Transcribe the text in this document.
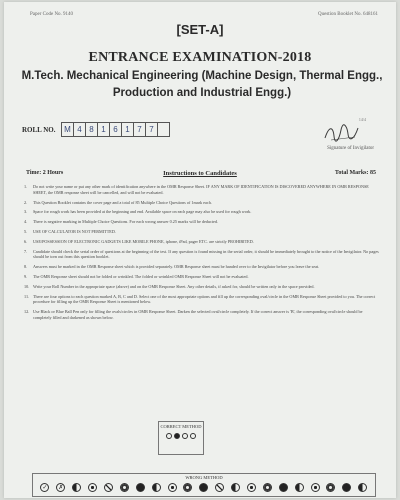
Paper Code No. 9140	Question Booklet No. 648161
[SET-A]
ENTRANCE EXAMINATION-2018
M.Tech. Mechanical Engineering (Machine Design, Thermal Engg., Production and Industrial Engg.)
ROLL NO.	M 4 8 1 6 1 7 7
14/4
Signature of Invigilator
Time: 2 Hours	Instructions to Candidates	Total Marks: 85
1. Do not write your name or put any other mark of identification anywhere in the OMR Response Sheet. IF ANY MARK OF IDENTIFICATION IS DISCOVERED ANYWHERE IN OMR RESPONSE SHEET, the OMR response sheet will be cancelled, and will not be evaluated.
2. This Question Booklet contains the cover page and a total of 85 Multiple Choice Questions of 1mark each.
3. Space for rough work has been provided at the beginning and end. Available space on each page may also be used for rough work.
4. There is negative marking in Multiple Choice Questions. For each wrong answer 0.25 marks will be deducted.
5. USE OF CALCULATOR IS NOT PERMITTED.
6. USE/POSSESSION OF ELECTRONIC GADGETS LIKE MOBILE PHONE, iphone, iPad, pager ETC. are strictly PROHIBITED.
7. Candidate should check the serial order of questions at the beginning of the test. If any question is found missing in the serial order, it should be immediately brought to the notice of the Invigilator. No pages should be torn out from this question booklet.
8. Answers must be marked in the OMR Response sheet which is provided separately. OMR Response sheet must be handed over to the Invigilator before you leave the seat.
9. The OMR Response sheet should not be folded or wrinkled. The folded or wrinkled OMR Response Sheet will not be evaluated.
10. Write your Roll Number in the appropriate space (above) and on the OMR Response Sheet. Any other details, if asked for, should be written only in the space provided.
11. There are four options to each question marked A, B, C and D. Select one of the most appropriate options and fill up the corresponding oval/circle in the OMR Response Sheet provided to you. The correct procedure for filling up the OMR Response Sheet is mentioned below.
12. Use Black or Blue Ball Pen only for filling the ovals/circles in OMR Response Sheet. Darken the selected oval/circle completely. If the correct answer is 'B', the corresponding oval/circle should be completely filled and darkened as shown below.
CORRECT METHOD
WRONG METHOD
✓	✗
